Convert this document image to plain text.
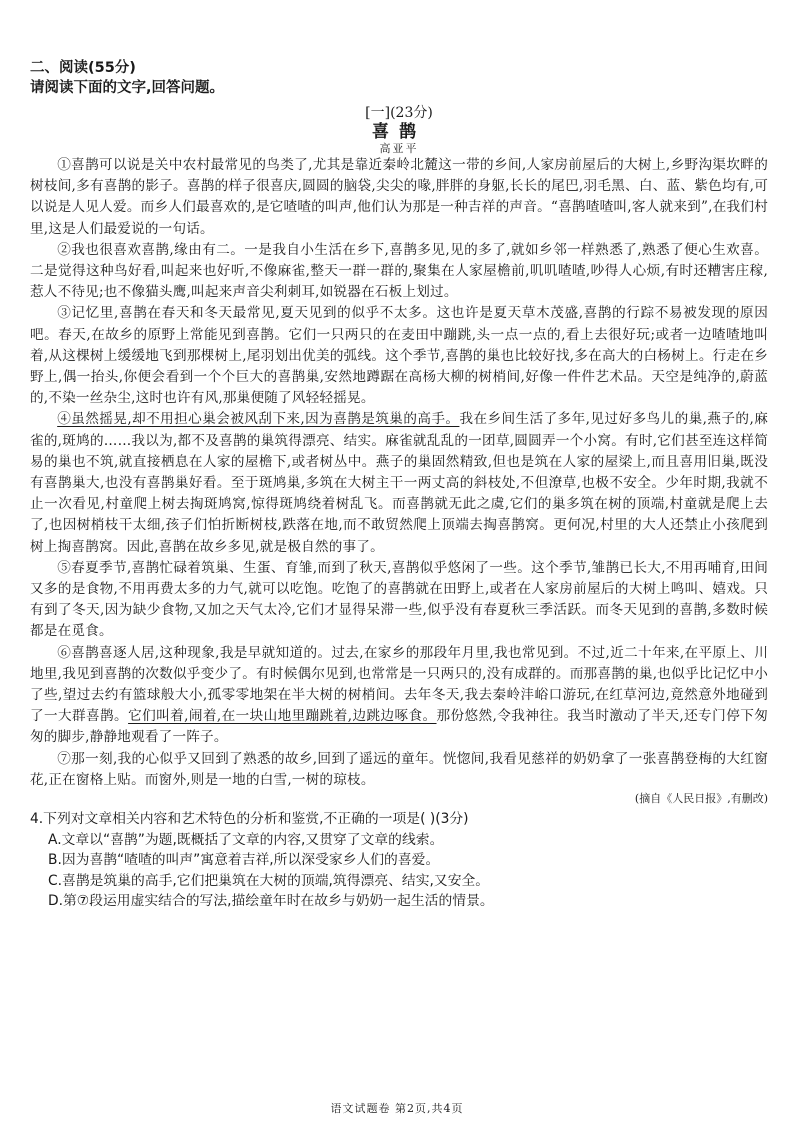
二、阅读(55分)

请阅读下面的文字,回答问题。

[一](23分)
喜鹊
高亚平

①喜鹊可以说是关中农村最常见的鸟类了,尤其是靠近秦岭北麓这一带的乡间,人家房前屋后的大树上,乡野沟渠坎畔的树枝间,多有喜鹊的影子。喜鹊的样子很喜庆,圆圆的脑袋,尖尖的喙,胖胖的身躯,长长的尾巴,羽毛黑、白、蓝、紫色均有,可以说是人见人爱。而乡人们最喜欢的,是它喳喳的叫声,他们认为那是一种吉祥的声音。“喜鹊喳喳叫,客人就来到”,在我们村里,这是人们最爱说的一句话。

②我也很喜欢喜鹊,缘由有二。一是我自小生活在乡下,喜鹊多见,见的多了,就如乡邻一样熟悉了,熟悉了便心生欢喜。二是觉得这种鸟好看,叫起来也好听,不像麻雀,整天一群一群的,聚集在人家屋檐前,叽叽喳喳,吵得人心烦,有时还糟害庄稼,惹人不待见;也不像猫头鹰,叫起来声音尖利刺耳,如锐器在石板上划过。

③记忆里,喜鹊在春天和冬天最常见,夏天见到的似乎不太多。这也许是夏天草木茂盛,喜鹊的行踪不易被发现的原因吧。春天,在故乡的原野上常能见到喜鹊。它们一只两只的在麦田中蹦跳,头一点一点的,看上去很好玩;或者一边喳喳地叫着,从这棵树上缓缓地飞到那棵树上,尾羽划出优美的弧线。这个季节,喜鹊的巢也比较好找,多在高大的白杨树上。行走在乡野上,偶一抬头,你便会看到一个个巨大的喜鹊巢,安然地蹲踞在高杨大柳的树梢间,好像一件件艺术品。天空是纯净的,蔚蓝的,不染一丝杂尘,这时也许有风,那巢便随了风轻轻摇晃。

④虽然摇晃,却不用担心巢会被风刮下来,因为喜鹊是筑巢的高手。我在乡间生活了多年,见过好多鸟儿的巢,燕子的,麻雀的,斑鸠的……我以为,都不及喜鹊的巢筑得漂亮、结实。麻雀就乱乱的一团草,圆圆弄一个小窝。有时,它们甚至连这样简易的巢也不筑,就直接栖息在人家的屋檐下,或者树丛中。燕子的巢固然精致,但也是筑在人家的屋梁上,而且喜用旧巢,既没有喜鹊巢大,也没有喜鹊巢好看。至于斑鸠巢,多筑在大树主干一两丈高的斜枝处,不但潦草,也极不安全。少年时期,我就不止一次看见,村童爬上树去掏斑鸠窝,惊得斑鸠绕着树乱飞。而喜鹊就无此之虞,它们的巢多筑在树的顶端,村童就是爬上去了,也因树梢枝干太细,孩子们怕折断树枝,跌落在地,而不敢贸然爬上顶端去掏喜鹊窝。更何况,村里的大人还禁止小孩爬到树上掏喜鹊窝。因此,喜鹊在故乡多见,就是极自然的事了。

⑤春夏季节,喜鹊忙碌着筑巢、生蛋、育雏,而到了秋天,喜鹊似乎悠闲了一些。这个季节,雏鹊已长大,不用再哺育,田间又多的是食物,不用再费太多的力气,就可以吃饱。吃饱了的喜鹊就在田野上,或者在人家房前屋后的大树上鸣叫、嬉戏。只有到了冬天,因为缺少食物,又加之天气太冷,它们才显得呆滞一些,似乎没有春夏秋三季活跃。而冬天见到的喜鹊,多数时候都是在觅食。

⑥喜鹊喜逐人居,这种现象,我是早就知道的。过去,在家乡的那段年月里,我也常见到。不过,近二十年来,在平原上、川地里,我见到喜鹊的次数似乎变少了。有时候偶尔见到,也常常是一只两只的,没有成群的。而那喜鹊的巢,也似乎比记忆中小了些,望过去约有篮球般大小,孤零零地架在半大树的树梢间。去年冬天,我去秦岭沣峪口游玩,在红草河边,竟然意外地碰到了一大群喜鹊。它们叫着,闹着,在一块山地里蹦跳着,边跳边啄食。那份悠然,令我神往。我当时激动了半天,还专门停下匆匆的脚步,静静地观看了一阵子。

⑦那一刻,我的心似乎又回到了熟悉的故乡,回到了遥远的童年。恍惚间,我看见慈祥的奶奶拿了一张喜鹊登梅的大红窗花,正在窗格上贴。而窗外,则是一地的白雪,一树的琼枝。

(摘自《人民日报》,有删改)

4.下列对文章相关内容和艺术特色的分析和鉴赏,不正确的一项是( )(3分)

A.文章以“喜鹊”为题,既概括了文章的内容,又贯穿了文章的线索。

B.因为喜鹊“喳喳的叫声”寓意着吉祥,所以深受家乡人们的喜爱。

C.喜鹊是筑巢的高手,它们把巢筑在大树的顶端,筑得漂亮、结实,又安全。

D.第⑦段运用虚实结合的写法,描绘童年时在故乡与奶奶一起生活的情景。

语文试题卷 第2页,共4页
